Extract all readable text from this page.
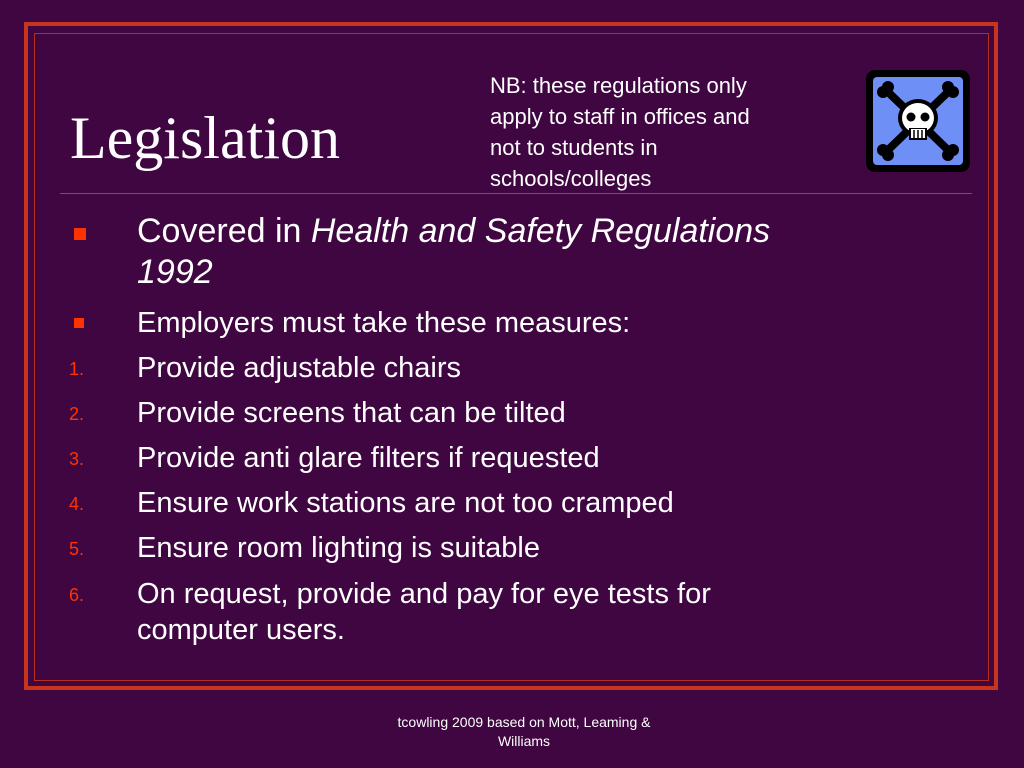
Legislation
NB: these regulations only
apply to staff in offices and
not to students in
schools/colleges
Covered in Health and Safety Regulations
1992
Employers must take these measures:
1. Provide adjustable chairs
2. Provide screens that can be tilted
3. Provide anti glare filters if requested
4. Ensure work stations are not too cramped
5. Ensure room lighting is suitable
6. On request, provide and pay for eye tests for
computer users.
tcowling 2009 based on Mott, Leaming &
Williams
